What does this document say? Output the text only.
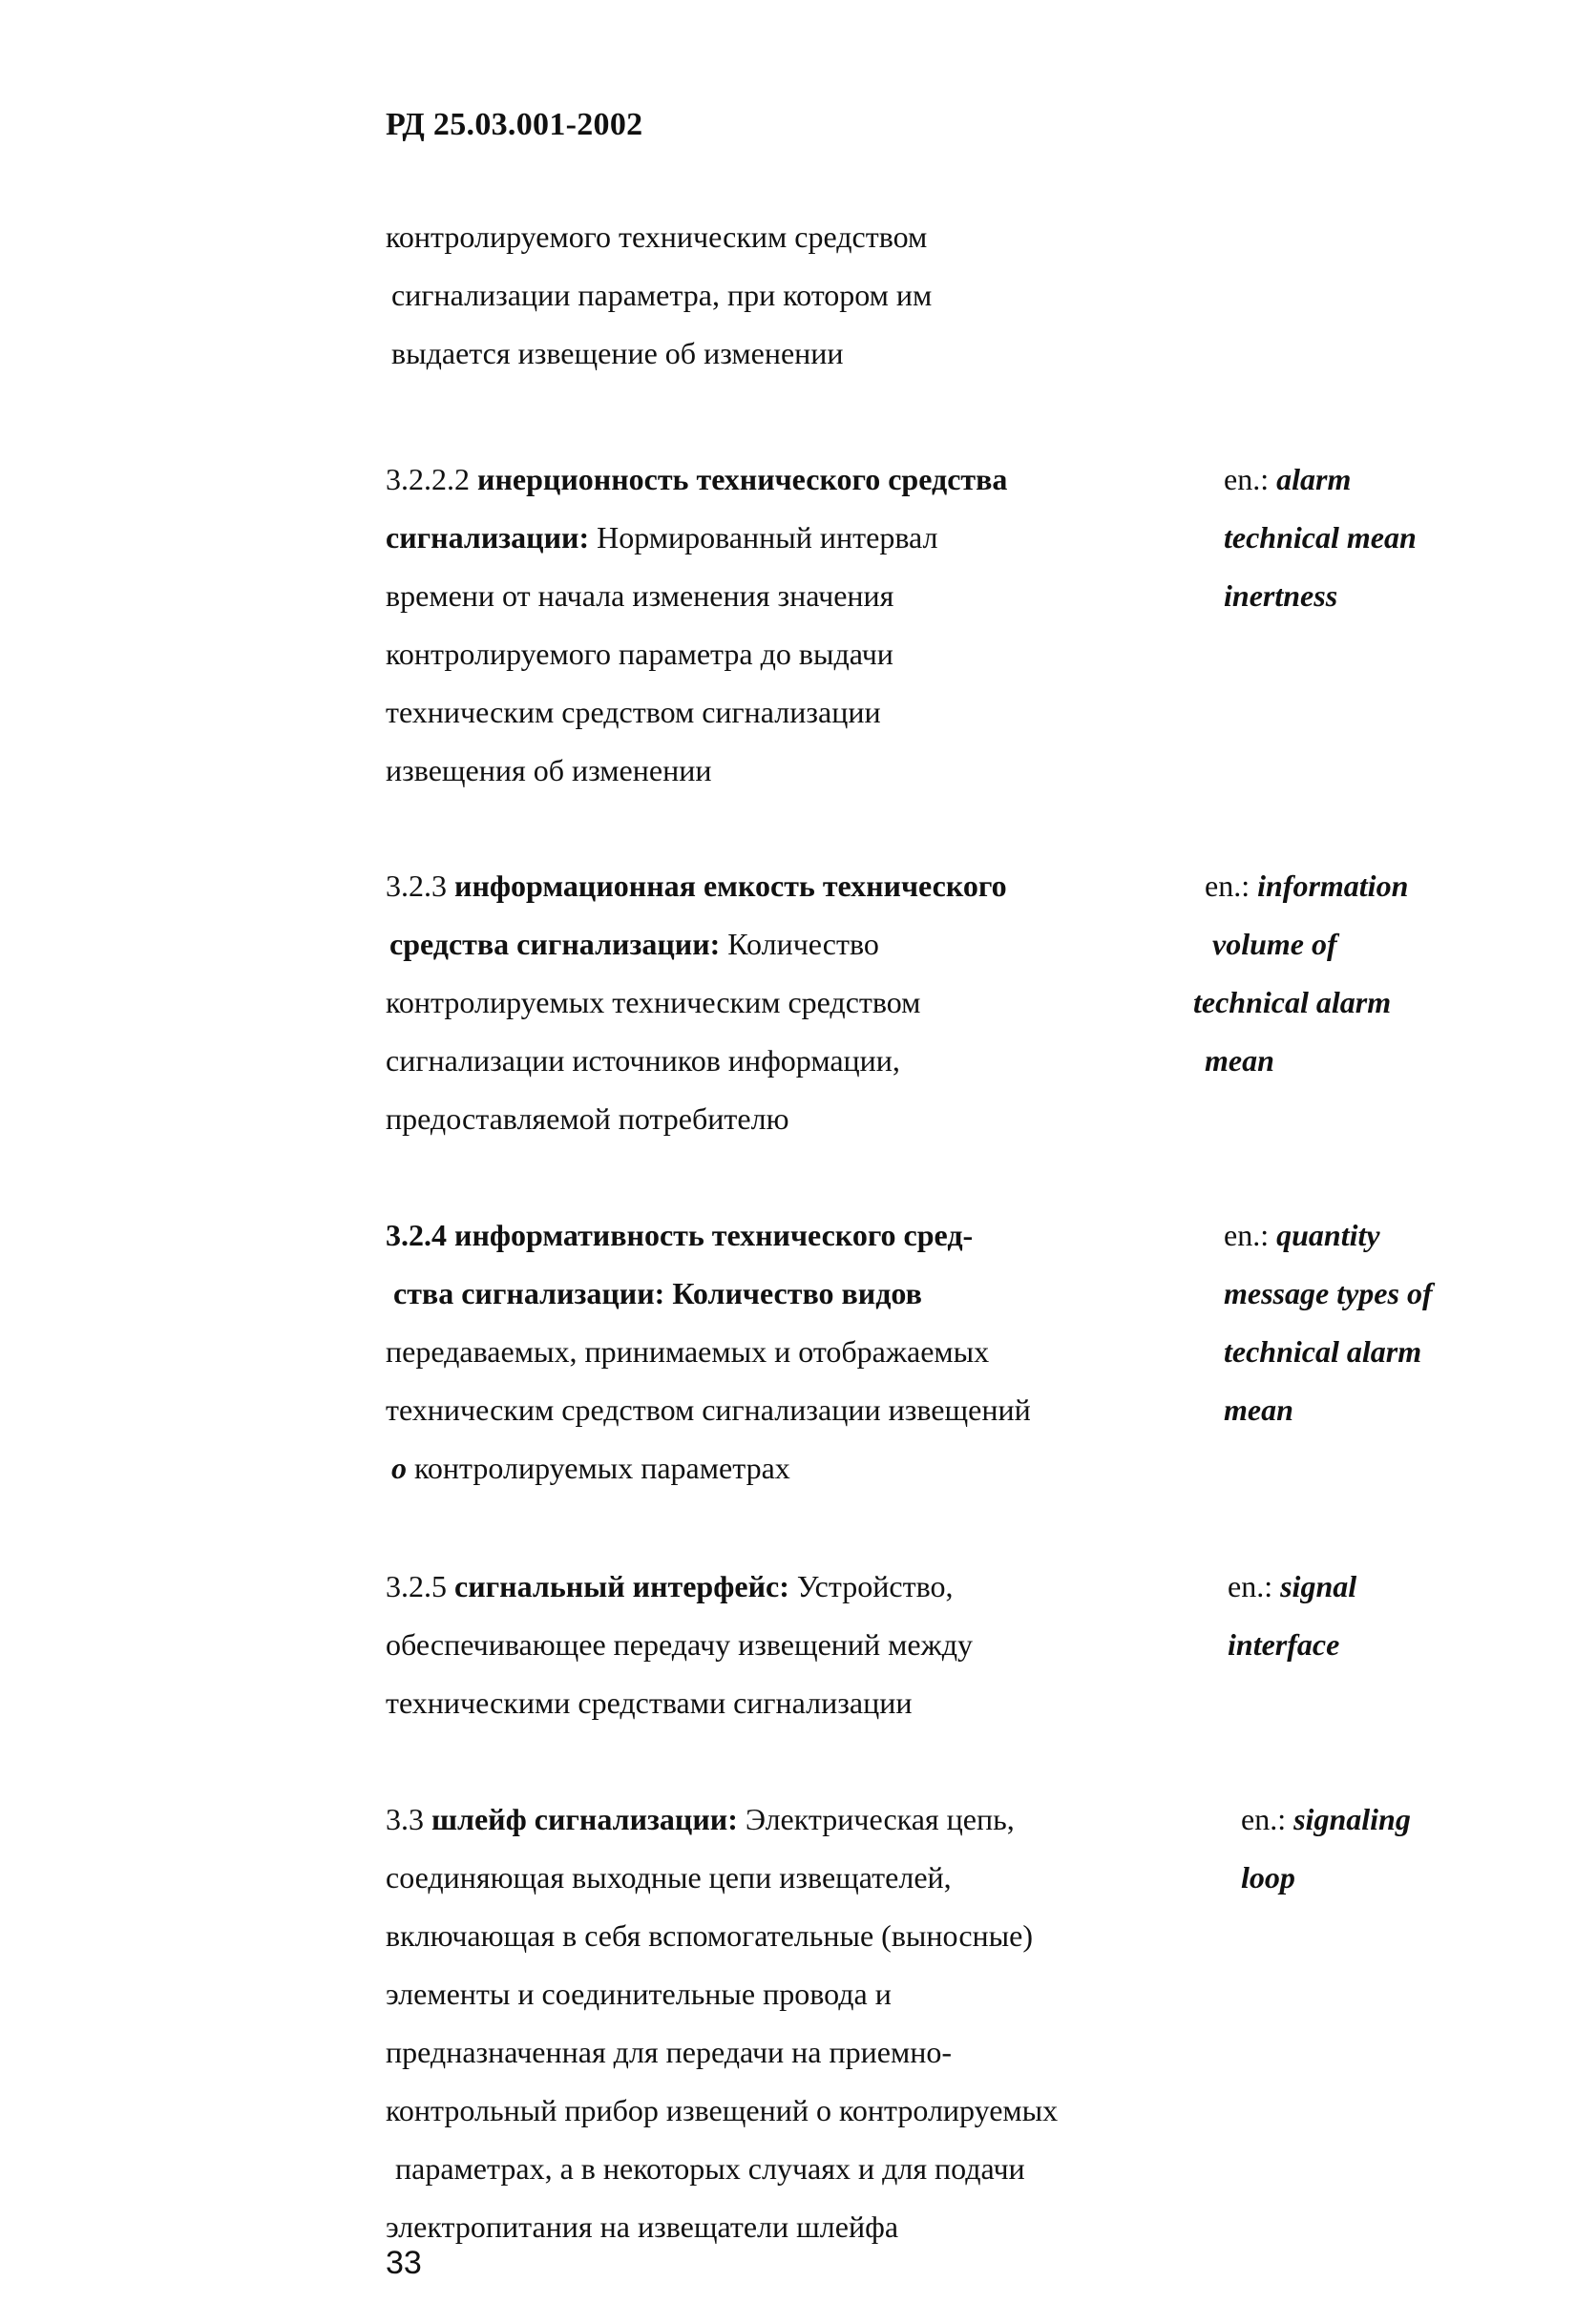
РД 25.03.001-2002

контролируемого техническим средством

сигнализации параметра, при котором им

выдается извещение об изменении

3.2.2.2 инерционность технического средства

сигнализации: Нормированный интервал

времени от начала изменения значения

контролируемого параметра до выдачи

техническим средством сигнализации

извещения об изменении

en.: alarm

technical mean

inertness

3.2.3 информационная емкость технического

средства сигнализации: Количество

контролируемых техническим средством

сигнализации источников информации,

предоставляемой потребителю

en.: information

volume of

technical alarm

mean

3.2.4 информативность технического сред-

ства сигнализации: Количество видов

передаваемых, принимаемых и отображаемых

техническим средством сигнализации извещений

о контролируемых параметрах

en.: quantity

message types of

technical alarm

mean

3.2.5 сигнальный интерфейс: Устройство,

обеспечивающее передачу извещений между

техническими средствами сигнализации

en.: signal

interface

3.3 шлейф сигнализации: Электрическая цепь,

соединяющая выходные цепи извещателей,

включающая в себя вспомогательные (выносные)

элементы и соединительные провода и

предназначенная для передачи на приемно-

контрольный прибор извещений о контролируемых

параметрах, а в некоторых случаях и для подачи

электропитания на извещатели шлейфа

en.: signaling

loop

33
